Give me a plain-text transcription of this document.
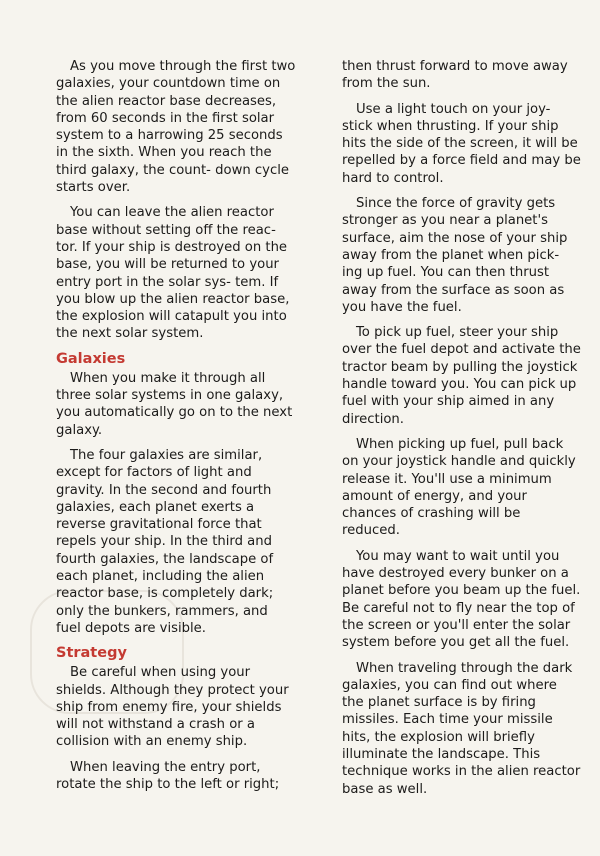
As you move through the first two galaxies, your countdown time on the alien reactor base decreases, from 60 seconds in the first solar system to a harrowing 25 seconds in the sixth. When you reach the third galaxy, the count- down cycle starts over.

You can leave the alien reactor base without setting off the reac- tor. If your ship is destroyed on the base, you will be returned to your entry port in the solar sys- tem. If you blow up the alien reactor base, the explosion will catapult you into the next solar system.

Galaxies

When you make it through all three solar systems in one galaxy, you automatically go on to the next galaxy.

The four galaxies are similar, except for factors of light and gravity. In the second and fourth galaxies, each planet exerts a reverse gravitational force that repels your ship. In the third and fourth galaxies, the landscape of each planet, including the alien reactor base, is completely dark; only the bunkers, rammers, and fuel depots are visible.

Strategy

Be careful when using your shields. Although they protect your ship from enemy fire, your shields will not withstand a crash or a collision with an enemy ship.

When leaving the entry port, rotate the ship to the left or right;

then thrust forward to move away from the sun.

Use a light touch on your joy- stick when thrusting. If your ship hits the side of the screen, it will be repelled by a force field and may be hard to control.

Since the force of gravity gets stronger as you near a planet's surface, aim the nose of your ship away from the planet when pick- ing up fuel. You can then thrust away from the surface as soon as you have the fuel.

To pick up fuel, steer your ship over the fuel depot and activate the tractor beam by pulling the joystick handle toward you. You can pick up fuel with your ship aimed in any direction.

When picking up fuel, pull back on your joystick handle and quickly release it. You'll use a minimum amount of energy, and your chances of crashing will be reduced.

You may want to wait until you have destroyed every bunker on a planet before you beam up the fuel. Be careful not to fly near the top of the screen or you'll enter the solar system before you get all the fuel.

When traveling through the dark galaxies, you can find out where the planet surface is by firing missiles. Each time your missile hits, the explosion will briefly illuminate the landscape. This technique works in the alien reactor base as well.
